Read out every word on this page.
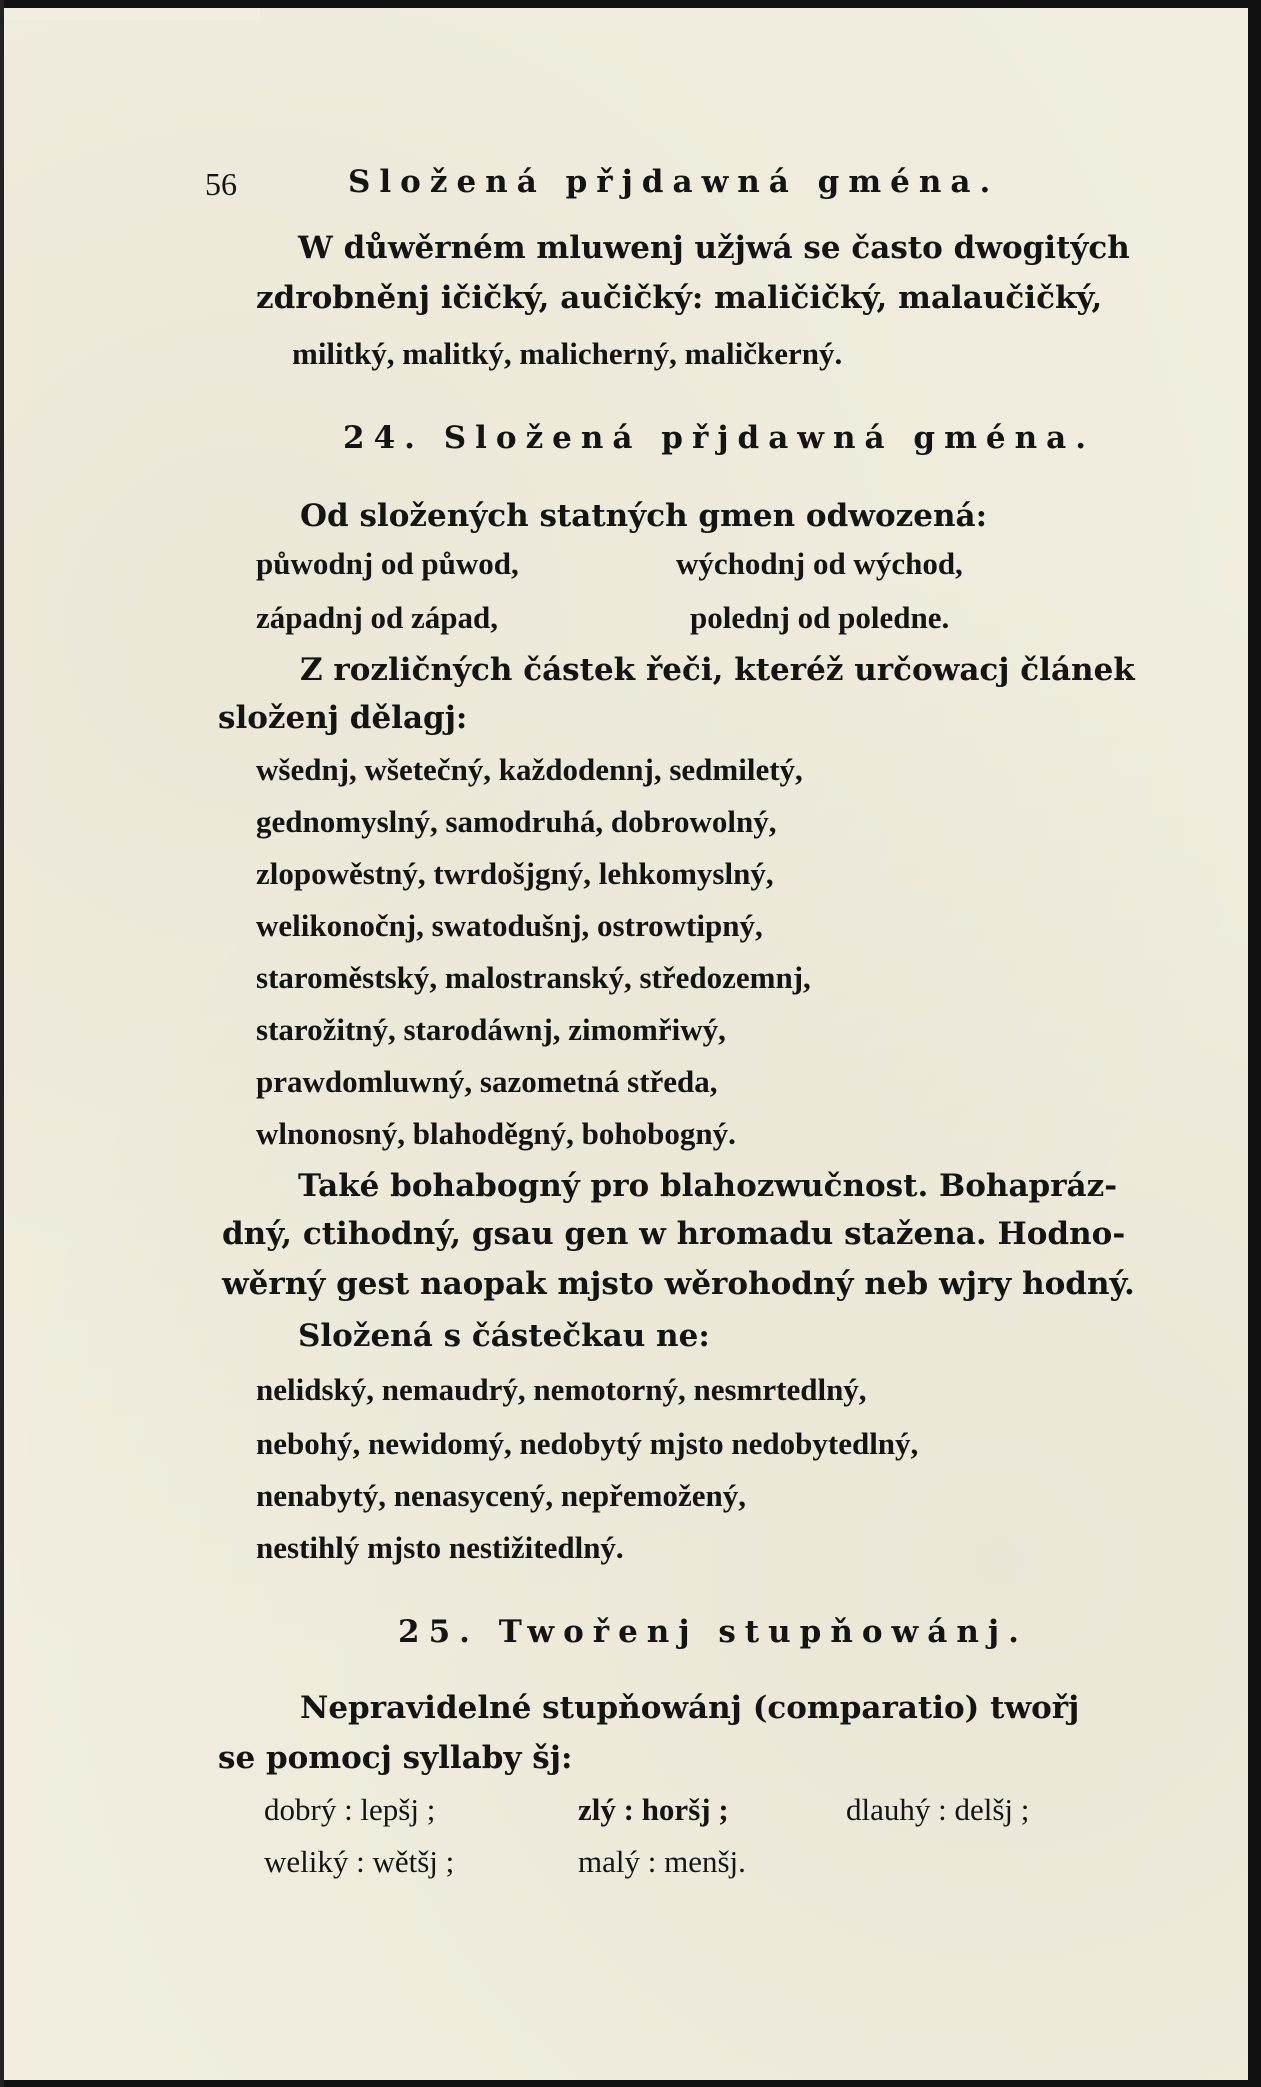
56	Složená přjdawná gména.
W důwěrném mluwenj užjwá se často dwogitých
zdrobněnj ičičký, aučičký: maličičký, malaučičký,
militký, malitký, malicherný, maličkerný.
24. Složená přjdawná gména.
Od složených statných gmen odwozená:
půwodnj od půwod,	wýchodnj od wýchod,
západnj od západ,	polednj od poledne.
Z rozličných částek řeči, kteréž určowacj článek
složenj dělagj:
wšednj, wšetečný, každodennj, sedmiletý,
gednomyslný, samodruhá, dobrowolný,
zlopowěstný, twrdošjgný, lehkomyslný,
welikonočnj, swatodušnj, ostrowtipný,
staroměstský, malostranský, středozemnj,
starožitný, starodáwnj, zimomřiwý,
prawdomluwný, sazometná středa,
wlnonosný, blahoděgný, bohobogný.
Také bohabogný pro blahozwučnost. Bohapráz-
dný, ctihodný, gsau gen w hromadu stažena. Hodno-
wěrný gest naopak mjsto wěrohodný neb wjry hodný.
Složená s částečkau ne:
nelidský, nemaudrý, nemotorný, nesmrtedlný,
nebohý, newidomý, nedobytý mjsto nedobytedlný,
nenabytý, nenasycený, nepřemožený,
nestihlý mjsto nestižitedlný.
25. Twořenj stupňowánj.
Nepravidelné stupňowánj (comparatio) twořj
se pomocj syllaby šj:
dobrý : lepšj ;	zlý : horšj ;	dlauhý : delšj ;
weliký : wětšj ;	malý : menšj.
